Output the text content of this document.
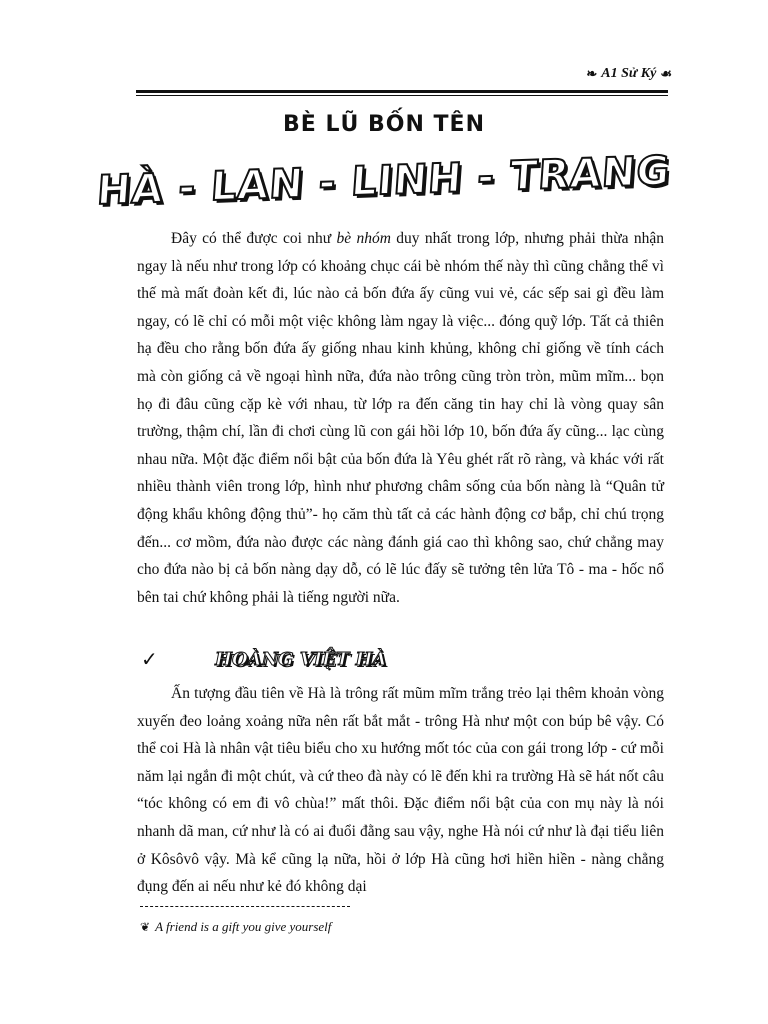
❧ A1 Sử Ký ☙
BÈ LŨ BỐN TÊN
HÀ - LAN - LINH - TRANG

Đây có thể được coi như bè nhóm duy nhất trong lớp, nhưng phải thừa nhận ngay là nếu như trong lớp có khoảng chục cái bè nhóm thế này thì cũng chẳng thể vì thế mà mất đoàn kết đi, lúc nào cả bốn đứa ấy cũng vui vẻ, các sếp sai gì đều làm ngay, có lẽ chỉ có mỗi một việc không làm ngay là việc... đóng quỹ lớp. Tất cả thiên hạ đều cho rằng bốn đứa ấy giống nhau kinh khủng, không chỉ giống về tính cách mà còn giống cả về ngoại hình nữa, đứa nào trông cũng tròn tròn, mũm mĩm... bọn họ đi đâu cũng cặp kè với nhau, từ lớp ra đến căng tin hay chỉ là vòng quay sân trường, thậm chí, lần đi chơi cùng lũ con gái hồi lớp 10, bốn đứa ấy cũng... lạc cùng nhau nữa. Một đặc điểm nổi bật của bốn đứa là Yêu ghét rất rõ ràng, và khác với rất nhiều thành viên trong lớp, hình như phương châm sống của bốn nàng là “Quân tử động khẩu không động thủ”- họ căm thù tất cả các hành động cơ bắp, chỉ chú trọng đến... cơ mồm, đứa nào được các nàng đánh giá cao thì không sao, chứ chẳng may cho đứa nào bị cả bốn nàng dạy dỗ, có lẽ lúc đấy sẽ tưởng tên lửa Tô - ma - hốc nổ bên tai chứ không phải là tiếng người nữa.

✓	HOÀNG VIỆT HÀ

Ấn tượng đầu tiên về Hà là trông rất mũm mĩm trắng trẻo lại thêm khoản vòng xuyến đeo loảng xoảng nữa nên rất bắt mắt - trông Hà như một con búp bê vậy. Có thể coi Hà là nhân vật tiêu biểu cho xu hướng mốt tóc của con gái trong lớp - cứ mỗi năm lại ngắn đi một chút, và cứ theo đà này có lẽ đến khi ra trường Hà sẽ hát nốt câu “tóc không có em đi vô chùa!” mất thôi. Đặc điểm nổi bật của con mụ này là nói nhanh dã man, cứ như là có ai đuổi đằng sau vậy, nghe Hà nói cứ như là đại tiểu liên ở Kôsôvô vậy. Mà kể cũng lạ nữa, hồi ở lớp Hà cũng hơi hiền hiền - nàng chẳng đụng đến ai nếu như kẻ đó không dại

❦ A friend is a gift you give yourself
